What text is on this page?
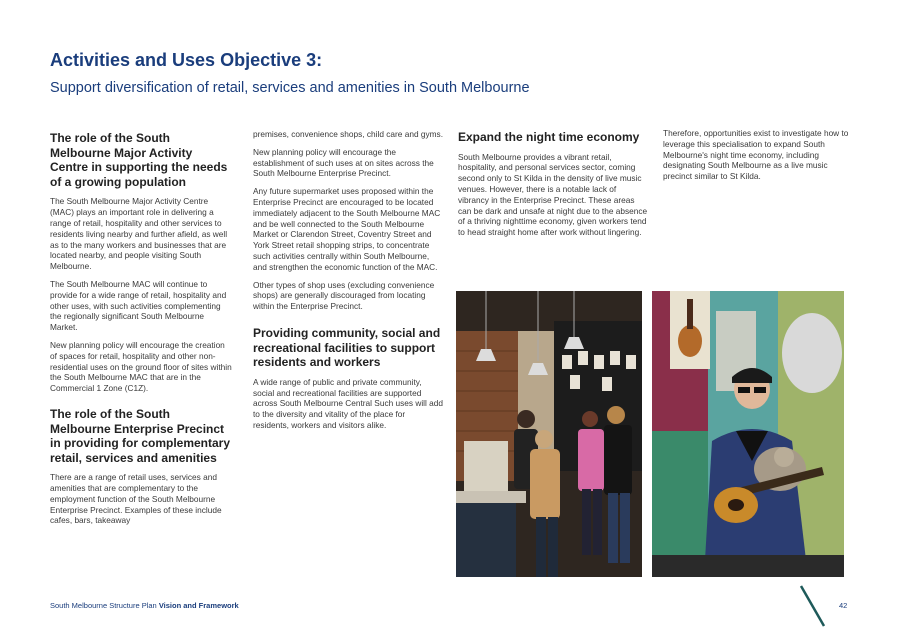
Activities and Uses Objective 3:
Support diversification of retail, services and amenities in South Melbourne
The role of the South Melbourne Major Activity Centre in supporting the needs of a growing population

The South Melbourne Major Activity Centre (MAC) plays an important role in delivering a range of retail, hospitality and other services to residents living nearby and further afield, as well as to the many workers and businesses that are located nearby, and people visiting South Melbourne.

The South Melbourne MAC will continue to provide for a wide range of retail, hospitality and other uses, with such activities complementing the regionally significant South Melbourne Market.

New planning policy will encourage the creation of spaces for retail, hospitality and other non-residential uses on the ground floor of sites within the South Melbourne MAC that are in the Commercial 1 Zone (C1Z).

The role of the South Melbourne Enterprise Precinct in providing for complementary retail, services and amenities

There are a range of retail uses, services and amenities that are complementary to the employment function of the South Melbourne Enterprise Precinct. Examples of these include cafes, bars, takeaway

premises, convenience shops, child care and gyms.

New planning policy will encourage the establishment of such uses at on sites across the South Melbourne Enterprise Precinct.

Any future supermarket uses proposed within the Enterprise Precinct are encouraged to be located immediately adjacent to the South Melbourne MAC and be well connected to the South Melbourne Market or Clarendon Street, Coventry Street and York Street retail shopping strips, to concentrate such activities centrally within South Melbourne, and strengthen the economic function of the MAC.

Other types of shop uses (excluding convenience shops) are generally discouraged from locating within the Enterprise Precinct.

Providing community, social and recreational facilities to support residents and workers

A wide range of public and private community, social and recreational facilities are supported across South Melbourne Central Such uses will add to the diversity and vitality of the place for residents, workers and visitors alike.

Expand the night time economy

South Melbourne provides a vibrant retail, hospitality, and personal services sector, coming second only to St Kilda in the density of live music venues. However, there is a notable lack of vibrancy in the Enterprise Precinct. These areas can be dark and unsafe at night due to the absence of a thriving nighttime economy, given workers tend to head straight home after work without lingering.

Therefore, opportunities exist to investigate how to leverage this specialisation to expand South Melbourne's night time economy, including designating South Melbourne as a live music precinct similar to St Kilda.

South Melbourne Structure Plan Vision and Framework	42
